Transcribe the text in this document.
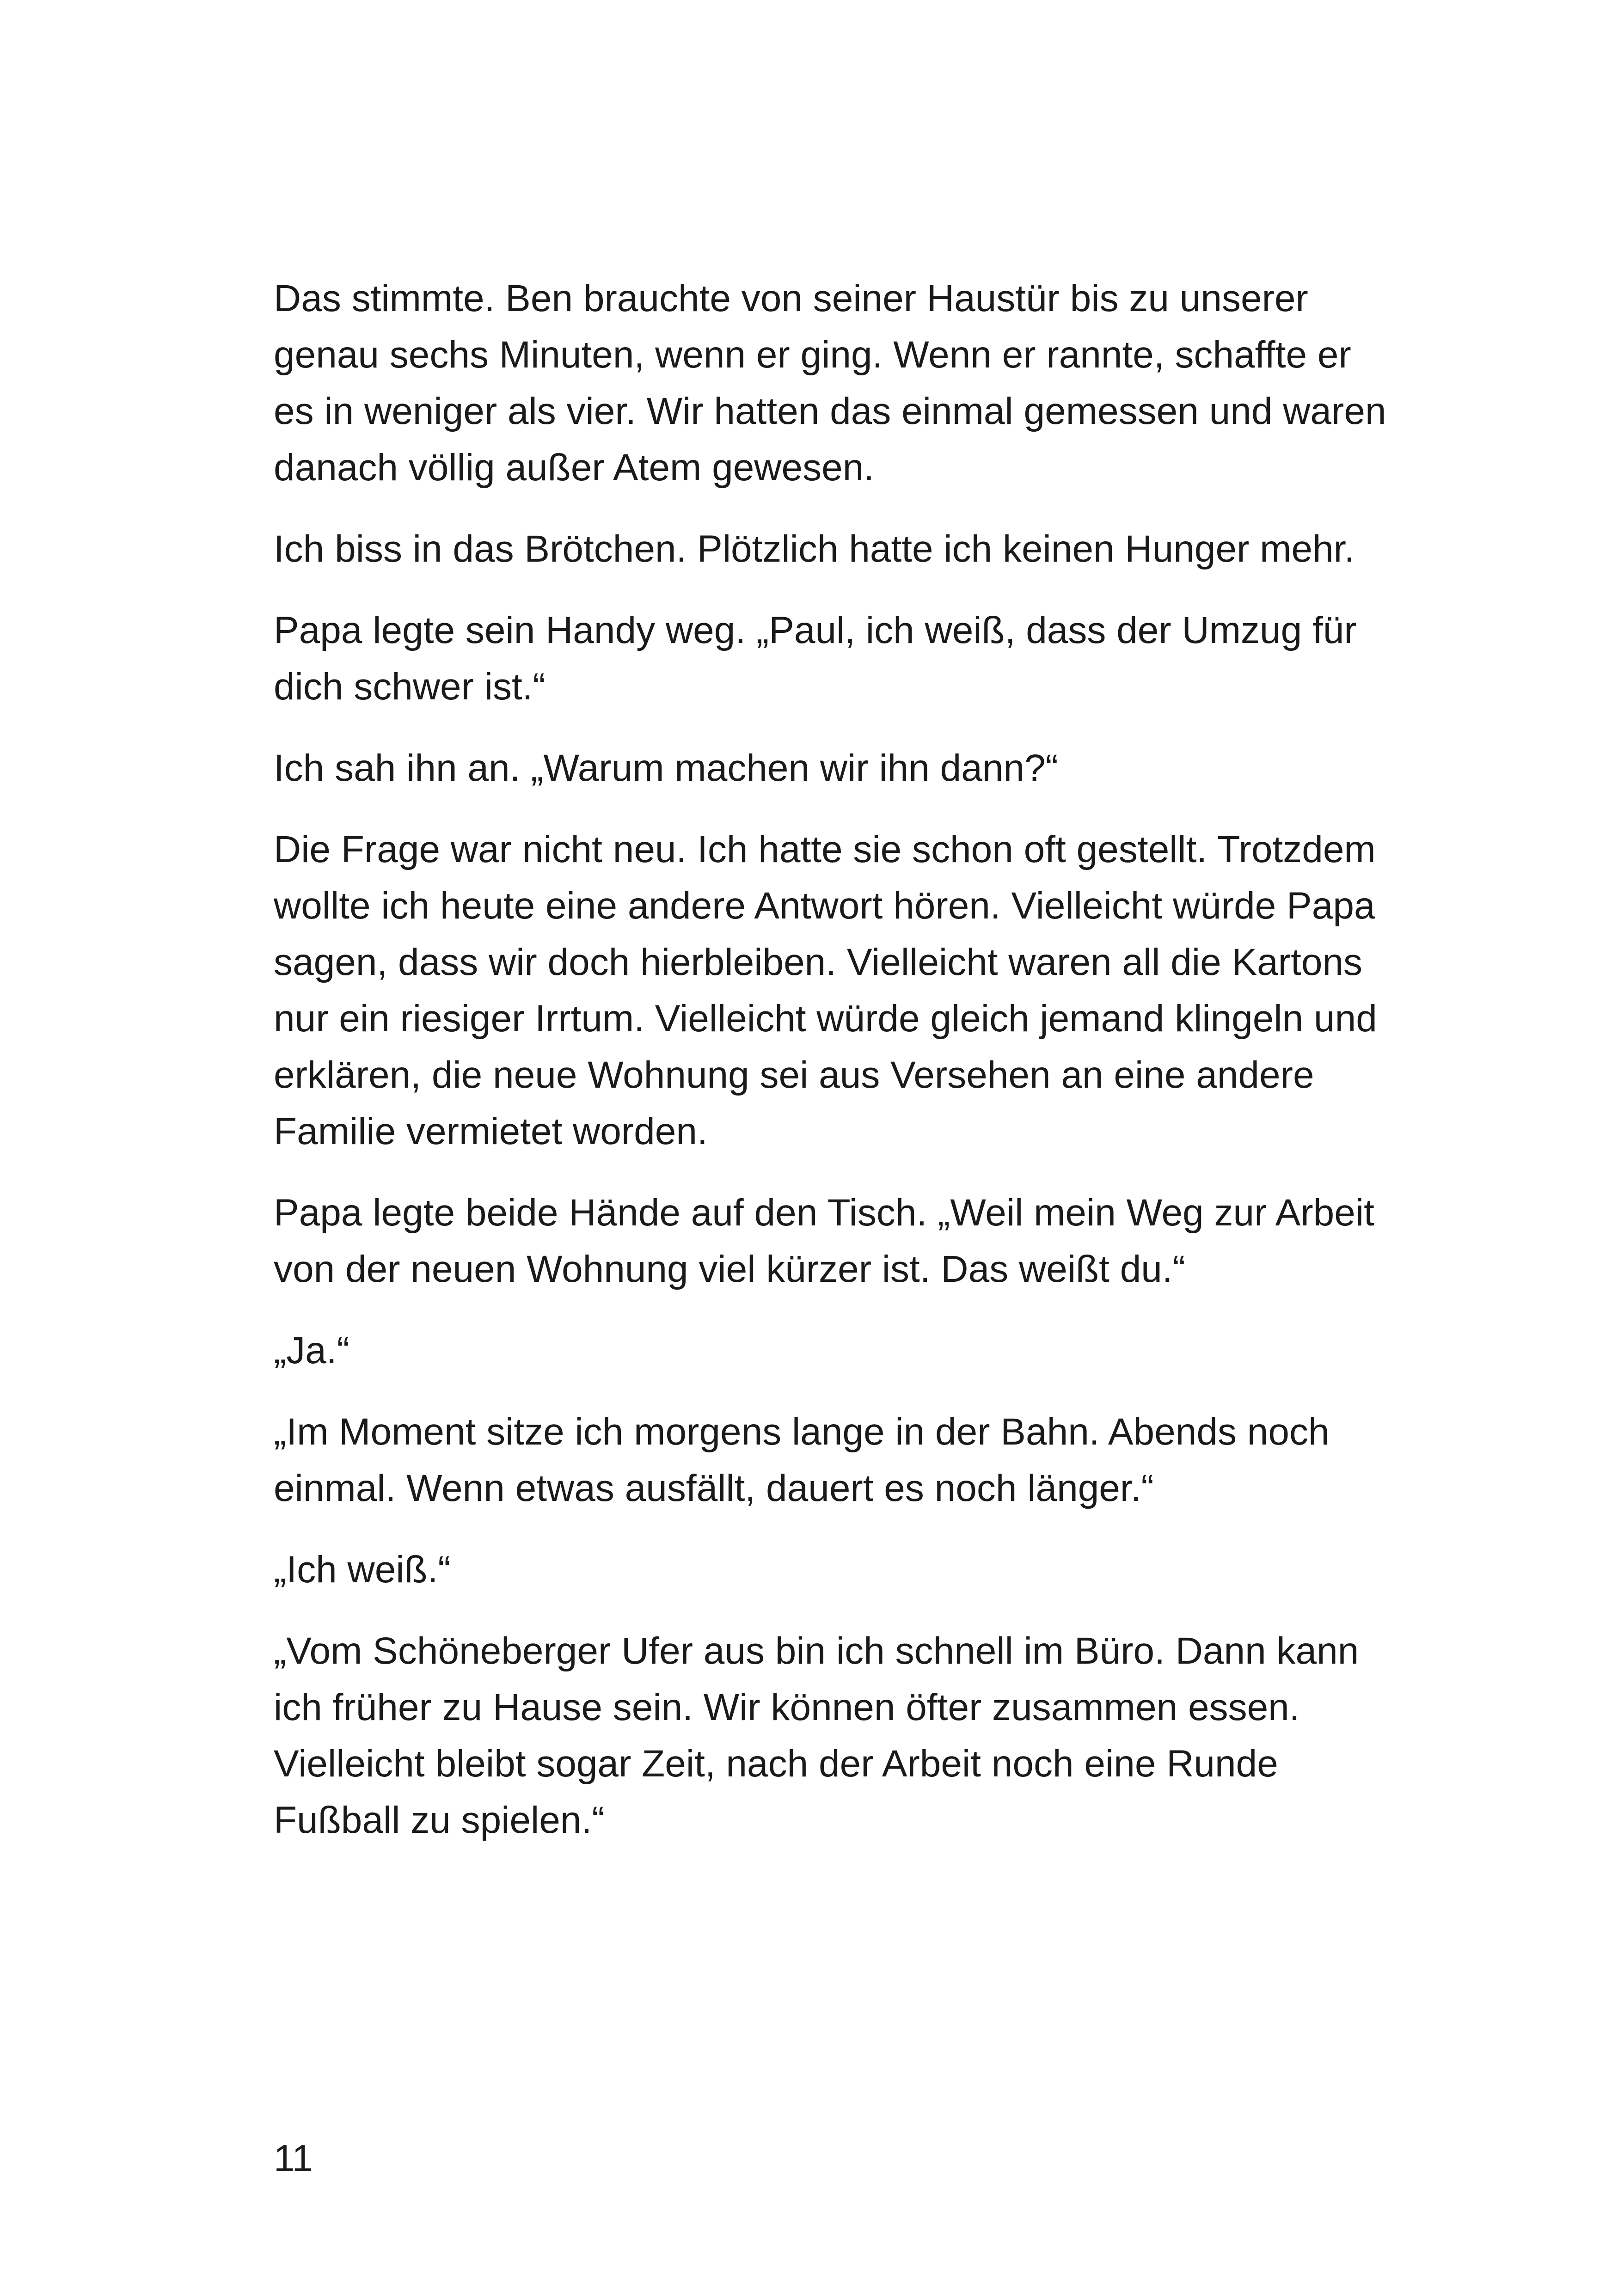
Das stimmte. Ben brauchte von seiner Haustür bis zu unserer genau sechs Minuten, wenn er ging. Wenn er rannte, schaffte er es in weniger als vier. Wir hatten das einmal gemessen und waren danach völlig außer Atem gewesen.

Ich biss in das Brötchen. Plötzlich hatte ich keinen Hunger mehr.

Papa legte sein Handy weg. „Paul, ich weiß, dass der Umzug für dich schwer ist.“

Ich sah ihn an. „Warum machen wir ihn dann?“

Die Frage war nicht neu. Ich hatte sie schon oft gestellt. Trotzdem wollte ich heute eine andere Antwort hören. Vielleicht würde Papa sagen, dass wir doch hierbleiben. Vielleicht waren all die Kartons nur ein riesiger Irrtum. Vielleicht würde gleich jemand klingeln und erklären, die neue Wohnung sei aus Versehen an eine andere Familie vermietet worden.

Papa legte beide Hände auf den Tisch. „Weil mein Weg zur Arbeit von der neuen Wohnung viel kürzer ist. Das weißt du.“

„Ja.“

„Im Moment sitze ich morgens lange in der Bahn. Abends noch einmal. Wenn etwas ausfällt, dauert es noch länger.“

„Ich weiß.“

„Vom Schöneberger Ufer aus bin ich schnell im Büro. Dann kann ich früher zu Hause sein. Wir können öfter zusammen essen. Vielleicht bleibt sogar Zeit, nach der Arbeit noch eine Runde Fußball zu spielen.“

11
